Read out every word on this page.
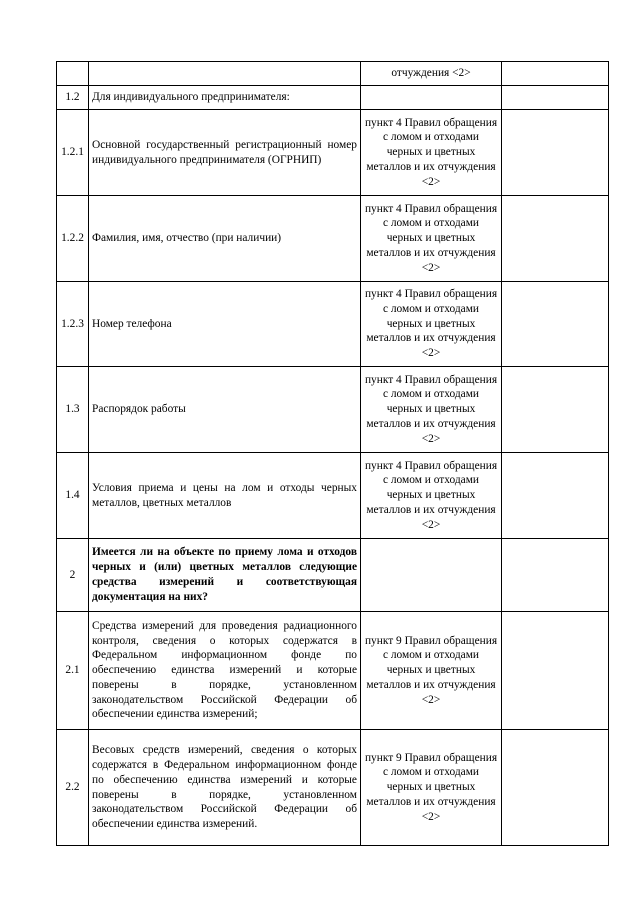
		отчуждения <2>	
1.2	Для индивидуального предпринимателя:		
1.2.1	Основной государственный регистрационный номер индивидуального предпринимателя (ОГРНИП)	пункт 4 Правил обращения с ломом и отходами черных и цветных металлов и их отчуждения <2>	
1.2.2	Фамилия, имя, отчество (при наличии)	пункт 4 Правил обращения с ломом и отходами черных и цветных металлов и их отчуждения <2>	
1.2.3	Номер телефона	пункт 4 Правил обращения с ломом и отходами черных и цветных металлов и их отчуждения <2>	
1.3	Распорядок работы	пункт 4 Правил обращения с ломом и отходами черных и цветных металлов и их отчуждения <2>	
1.4	Условия приема и цены на лом и отходы черных металлов, цветных металлов	пункт 4 Правил обращения с ломом и отходами черных и цветных металлов и их отчуждения <2>	
2	Имеется ли на объекте по приему лома и отходов черных и (или) цветных металлов следующие средства измерений и соответствующая документация на них?		
2.1	Средства измерений для проведения радиационного контроля, сведения о которых содержатся в Федеральном информационном фонде по обеспечению единства измерений и которые поверены в порядке, установленном законодательством Российской Федерации об обеспечении единства измерений;	пункт 9 Правил обращения с ломом и отходами черных и цветных металлов и их отчуждения <2>	
2.2	Весовых средств измерений, сведения о которых содержатся в Федеральном информационном фонде по обеспечению единства измерений и которые поверены в порядке, установленном законодательством Российской Федерации об обеспечении единства измерений.	пункт 9 Правил обращения с ломом и отходами черных и цветных металлов и их отчуждения <2>	
